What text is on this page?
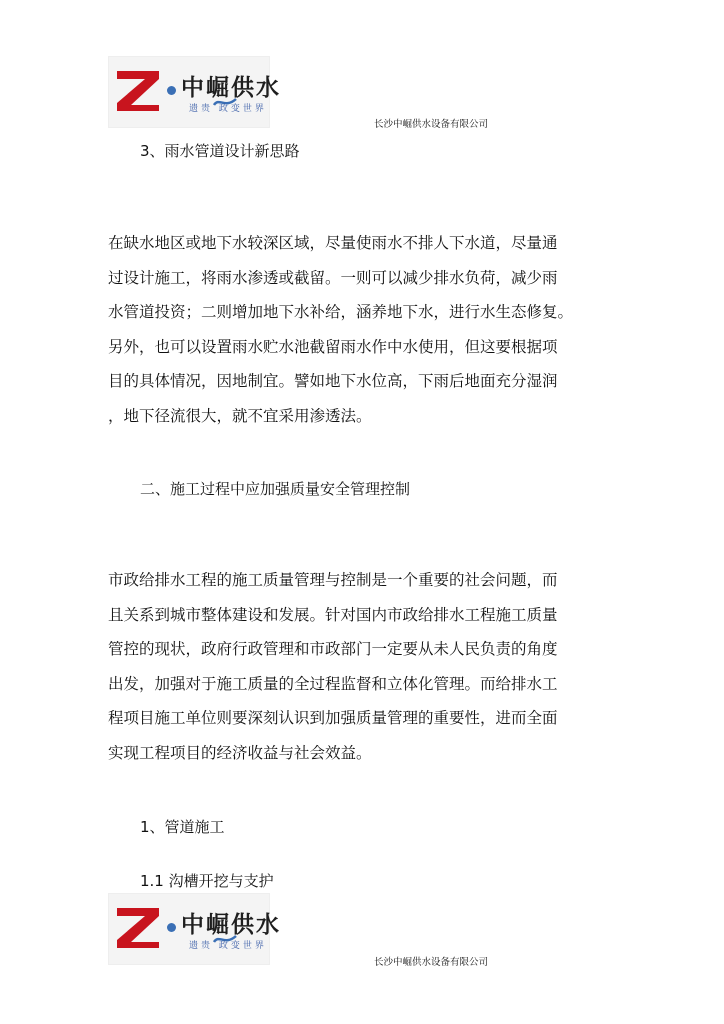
中崛供水
遗贵 政变世界
长沙中崛供水设备有限公司
3、雨水管道设计新思路
在缺水地区或地下水较深区域，尽量使雨水不排人下水道，尽量通
过设计施工，将雨水渗透或截留。一则可以减少排水负荷，减少雨
水管道投资；二则增加地下水补给，涵养地下水，进行水生态修复。
另外，也可以设置雨水贮水池截留雨水作中水使用，但这要根据项
目的具体情况，因地制宜。譬如地下水位高，下雨后地面充分湿润
，地下径流很大，就不宜采用渗透法。
二、施工过程中应加强质量安全管理控制
市政给排水工程的施工质量管理与控制是一个重要的社会问题，而
且关系到城市整体建设和发展。针对国内市政给排水工程施工质量
管控的现状，政府行政管理和市政部门一定要从未人民负责的角度
出发，加强对于施工质量的全过程监督和立体化管理。而给排水工
程项目施工单位则要深刻认识到加强质量管理的重要性，进而全面
实现工程项目的经济收益与社会效益。
1、管道施工
1.1 沟槽开挖与支护
中崛供水
遗贵 政变世界
长沙中崛供水设备有限公司
